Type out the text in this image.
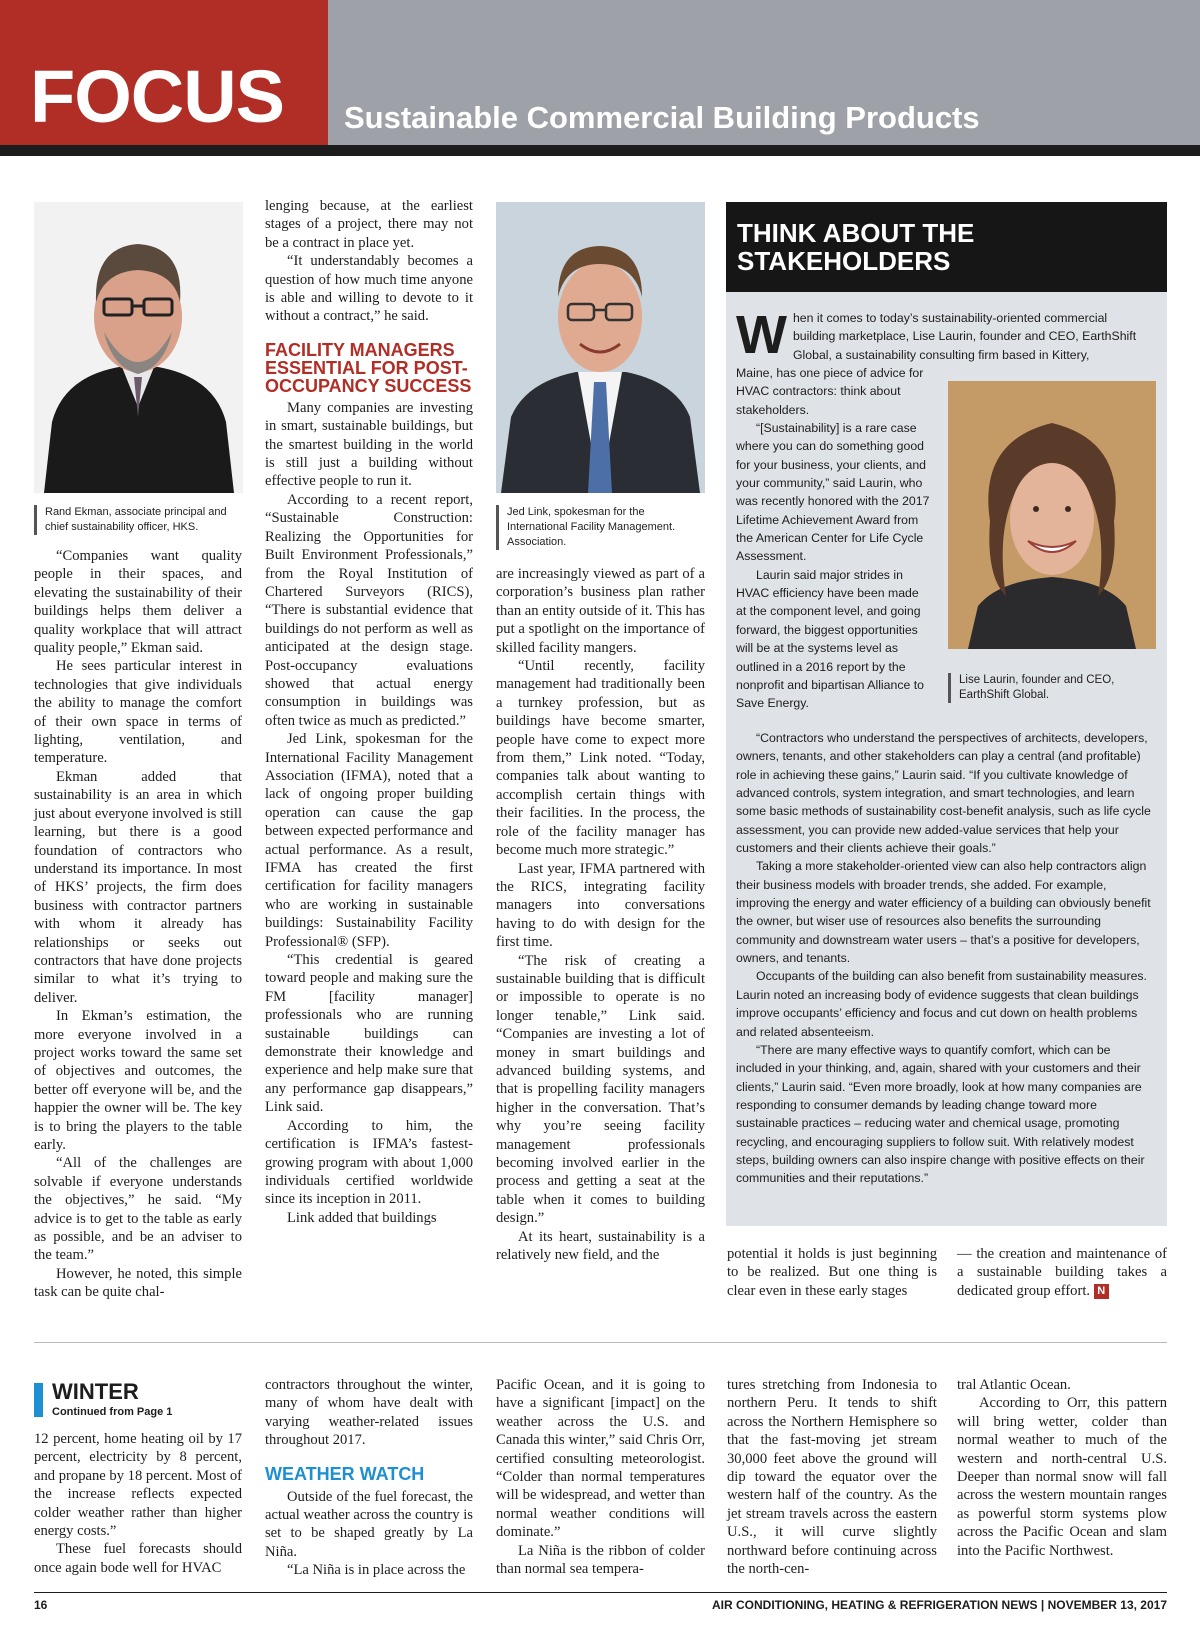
FOCUS Sustainable Commercial Building Products
Rand Ekman, associate principal and chief sustainability officer, HKS.

“Companies want quality people in their spaces, and elevating the sustainability of their buildings helps them deliver a quality workplace that will attract quality people,” Ekman said.

He sees particular interest in technologies that give individuals the ability to manage the comfort of their own space in terms of lighting, ventilation, and temperature.

Ekman added that sustainability is an area in which just about everyone involved is still learning, but there is a good foundation of contractors who understand its importance. In most of HKS’ projects, the firm does business with contractor partners with whom it already has relationships or seeks out contractors that have done projects similar to what it’s trying to deliver.

In Ekman’s estimation, the more everyone involved in a project works toward the same set of objectives and outcomes, the better off everyone will be, and the happier the owner will be. The key is to bring the players to the table early.

“All of the challenges are solvable if everyone understands the objectives,” he said. “My advice is to get to the table as early as possible, and be an adviser to the team.”

However, he noted, this simple task can be quite chal-

lenging because, at the earliest stages of a project, there may not be a contract in place yet.

“It understandably becomes a question of how much time anyone is able and willing to devote to it without a contract,” he said.

FACILITY MANAGERS ESSENTIAL FOR POST-OCCUPANCY SUCCESS

Many companies are investing in smart, sustainable buildings, but the smartest building in the world is still just a building without effective people to run it.

According to a recent report, “Sustainable Construction: Realizing the Opportunities for Built Environment Professionals,” from the Royal Institution of Chartered Surveyors (RICS), “There is substantial evidence that buildings do not perform as well as anticipated at the design stage. Post-occupancy evaluations showed that actual energy consumption in buildings was often twice as much as predicted.”

Jed Link, spokesman for the International Facility Management Association (IFMA), noted that a lack of ongoing proper building operation can cause the gap between expected performance and actual performance. As a result, IFMA has created the first certification for facility managers who are working in sustainable buildings: Sustainability Facility Professional® (SFP).

“This credential is geared toward people and making sure the FM [facility manager] professionals who are running sustainable buildings can demonstrate their knowledge and experience and help make sure that any performance gap disappears,” Link said.

According to him, the certification is IFMA’s fastest-growing program with about 1,000 individuals certified worldwide since its inception in 2011.

Link added that buildings

Jed Link, spokesman for the International Facility Management. Association.

are increasingly viewed as part of a corporation’s business plan rather than an entity outside of it. This has put a spotlight on the importance of skilled facility mangers.

“Until recently, facility management had traditionally been a turnkey profession, but as buildings have become smarter, people have come to expect more from them,” Link noted. “Today, companies talk about wanting to accomplish certain things with their facilities. In the process, the role of the facility manager has become much more strategic.”

Last year, IFMA partnered with the RICS, integrating facility managers into conversations having to do with design for the first time.

“The risk of creating a sustainable building that is difficult or impossible to operate is no longer tenable,” Link said. “Companies are investing a lot of money in smart buildings and advanced building systems, and that is propelling facility managers higher in the conversation. That’s why you’re seeing facility management professionals becoming involved earlier in the process and getting a seat at the table when it comes to building design.”

At its heart, sustainability is a relatively new field, and the

THINK ABOUT THE STAKEHOLDERS
W hen it comes to today’s sustainability-oriented commercial building marketplace, Lise Laurin, founder and CEO, EarthShift Global, a sustainability consulting firm based in Kittery,

Maine, has one piece of advice for HVAC contractors: think about stakeholders.

“[Sustainability] is a rare case where you can do something good for your business, your clients, and your community,” said Laurin, who was recently honored with the 2017 Lifetime Achievement Award from the American Center for Life Cycle Assessment.

Laurin said major strides in HVAC efficiency have been made at the component level, and going forward, the biggest opportunities will be at the systems level as outlined in a 2016 report by the nonprofit and bipartisan Alliance to Save Energy.

Lise Laurin, founder and CEO, EarthShift Global.

“Contractors who understand the perspectives of architects, developers, owners, tenants, and other stakeholders can play a central (and profitable) role in achieving these gains,” Laurin said. “If you cultivate knowledge of advanced controls, system integration, and smart technologies, and learn some basic methods of sustainability cost-benefit analysis, such as life cycle assessment, you can provide new added-value services that help your customers and their clients achieve their goals.”

Taking a more stakeholder-oriented view can also help contractors align their business models with broader trends, she added. For example, improving the energy and water efficiency of a building can obviously benefit the owner, but wiser use of resources also benefits the surrounding community and downstream water users – that’s a positive for developers, owners, and tenants.

Occupants of the building can also benefit from sustainability measures. Laurin noted an increasing body of evidence suggests that clean buildings improve occupants’ efficiency and focus and cut down on health problems and related absenteeism.

“There are many effective ways to quantify comfort, which can be included in your thinking, and, again, shared with your customers and their clients,” Laurin said. “Even more broadly, look at how many companies are responding to consumer demands by leading change toward more sustainable practices – reducing water and chemical usage, promoting recycling, and encouraging suppliers to follow suit. With relatively modest steps, building owners can also inspire change with positive effects on their communities and their reputations.”

potential it holds is just beginning to be realized. But one thing is clear even in these early stages

— the creation and maintenance of a sustainable building takes a dedicated group effort. N

WINTER
Continued from Page 1

12 percent, home heating oil by 17 percent, electricity by 8 percent, and propane by 18 percent. Most of the increase reflects expected colder weather rather than higher energy costs.”

These fuel forecasts should once again bode well for HVAC

contractors throughout the winter, many of whom have dealt with varying weather-related issues throughout 2017.

WEATHER WATCH

Outside of the fuel forecast, the actual weather across the country is set to be shaped greatly by La Niña.

“La Niña is in place across the

Pacific Ocean, and it is going to have a significant [impact] on the weather across the U.S. and Canada this winter,” said Chris Orr, certified consulting meteorologist. “Colder than normal temperatures will be widespread, and wetter than normal weather conditions will dominate.”

La Niña is the ribbon of colder than normal sea tempera-

tures stretching from Indonesia to northern Peru. It tends to shift across the Northern Hemisphere so that the fast-moving jet stream 30,000 feet above the ground will dip toward the equator over the western half of the country. As the jet stream travels across the eastern U.S., it will curve slightly northward before continuing across the north-cen-

tral Atlantic Ocean.

According to Orr, this pattern will bring wetter, colder than normal weather to much of the western and north-central U.S. Deeper than normal snow will fall across the western mountain ranges as powerful storm systems plow across the Pacific Ocean and slam into the Pacific Northwest.

16	AIR CONDITIONING, HEATING & REFRIGERATION NEWS | NOVEMBER 13, 2017
